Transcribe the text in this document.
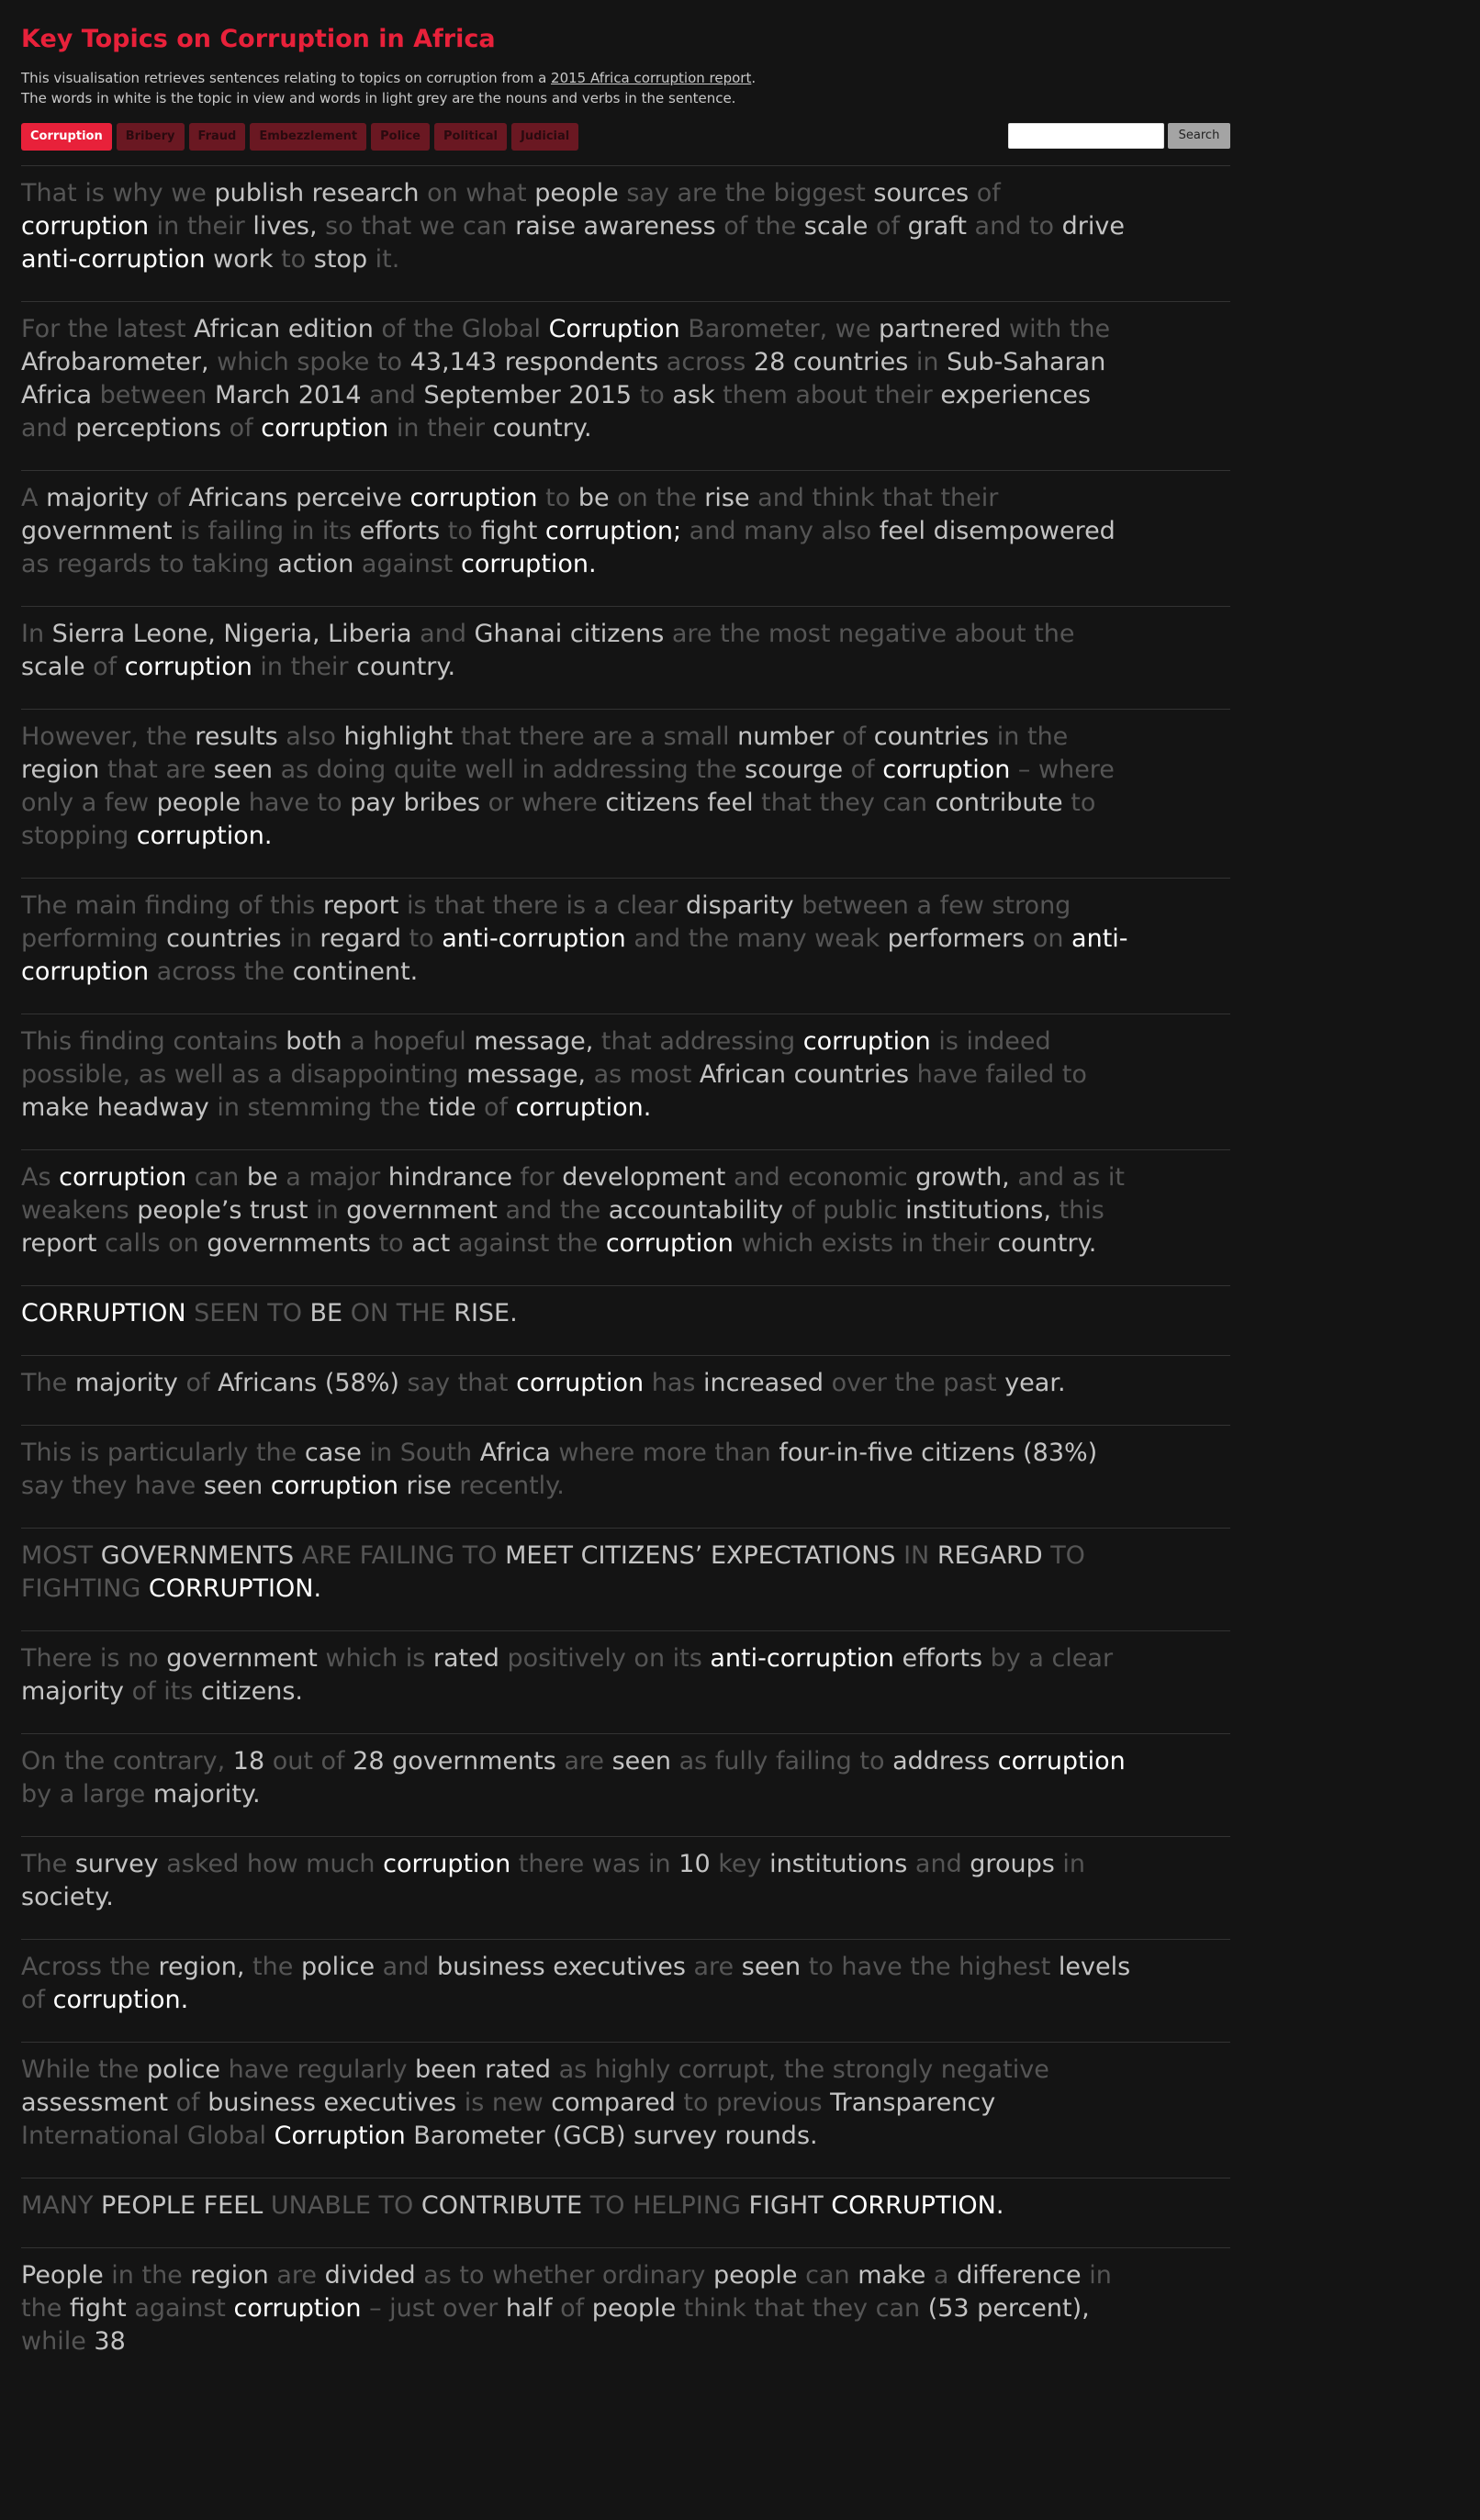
Key Topics on Corruption in Africa
This visualisation retrieves sentences relating to topics on corruption from a 2015 Africa corruption report.
The words in white is the topic in view and words in light grey are the nouns and verbs in the sentence.
Corruption	Bribery	Fraud	Embezzlement	Police	Political	Judicial	Search
That is why we publish research on what people say are the biggest sources of corruption in their lives, so that we can raise awareness of the scale of graft and to drive anti-corruption work to stop it.
For the latest African edition of the Global Corruption Barometer, we partnered with the Afrobarometer, which spoke to 43,143 respondents across 28 countries in Sub-Saharan Africa between March 2014 and September 2015 to ask them about their experiences and perceptions of corruption in their country.
A majority of Africans perceive corruption to be on the rise and think that their government is failing in its efforts to fight corruption; and many also feel disempowered as regards to taking action against corruption.
In Sierra Leone, Nigeria, Liberia and Ghanai citizens are the most negative about the scale of corruption in their country.
However, the results also highlight that there are a small number of countries in the region that are seen as doing quite well in addressing the scourge of corruption – where only a few people have to pay bribes or where citizens feel that they can contribute to stopping corruption.
The main finding of this report is that there is a clear disparity between a few strong performing countries in regard to anti-corruption and the many weak performers on anti-corruption across the continent.
This finding contains both a hopeful message, that addressing corruption is indeed possible, as well as a disappointing message, as most African countries have failed to make headway in stemming the tide of corruption.
As corruption can be a major hindrance for development and economic growth, and as it weakens people’s trust in government and the accountability of public institutions, this report calls on governments to act against the corruption which exists in their country.
CORRUPTION SEEN TO BE ON THE RISE.
The majority of Africans (58%) say that corruption has increased over the past year.
This is particularly the case in South Africa where more than four-in-five citizens (83%) say they have seen corruption rise recently.
MOST GOVERNMENTS ARE FAILING TO MEET CITIZENS’ EXPECTATIONS IN REGARD TO FIGHTING CORRUPTION.
There is no government which is rated positively on its anti-corruption efforts by a clear majority of its citizens.
On the contrary, 18 out of 28 governments are seen as fully failing to address corruption by a large majority.
The survey asked how much corruption there was in 10 key institutions and groups in society.
Across the region, the police and business executives are seen to have the highest levels of corruption.
While the police have regularly been rated as highly corrupt, the strongly negative assessment of business executives is new compared to previous Transparency International Global Corruption Barometer (GCB) survey rounds.
MANY PEOPLE FEEL UNABLE TO CONTRIBUTE TO HELPING FIGHT CORRUPTION.
People in the region are divided as to whether ordinary people can make a difference in the fight against corruption – just over half of people think that they can (53 percent), while 38
